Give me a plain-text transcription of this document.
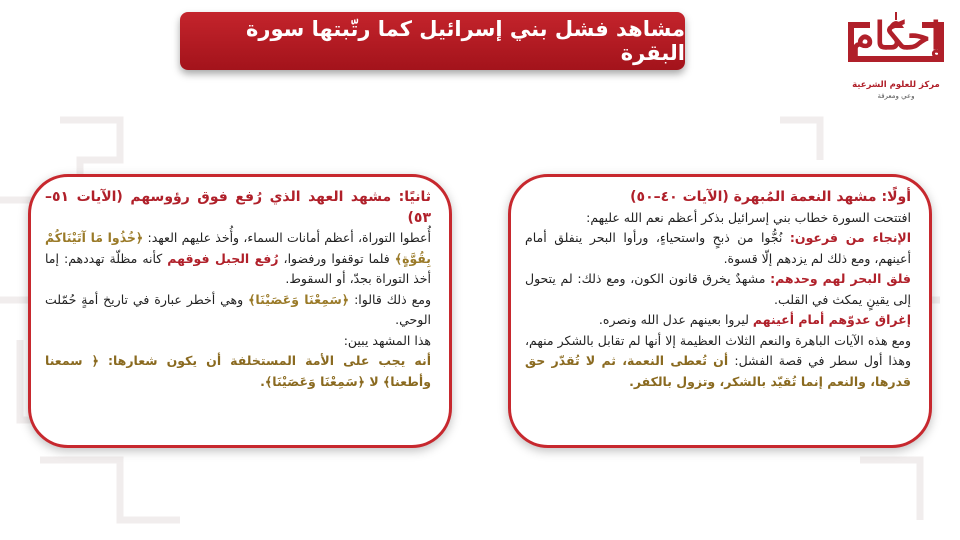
مشاهد فشل بني إسرائيل كما رتّبتها سورة البقرة	إحكام
مركز للعلوم الشرعية
وعي ومعرفة
أولًا: مشهد النعمة المُبهرة (الآيات ٤٠–٥٠)
افتتحت السورة خطاب بني إسرائيل بذكر أعظم نعم الله عليهم:
الإنجاء من فرعون: نُجُّوا من ذبحٍ واستحياءٍ، ورأوا البحر ينفلق أمام أعينهم، ومع ذلك لم يزدهم إلّا قسوة.
فلق البحر لهم وحدهم: مشهدٌ يخرق قانون الكون، ومع ذلك: لم يتحول إلى يقينٍ يمكث في القلب.
إغراق عدوّهم أمام أعينهم ليروا بعينهم عدل الله ونصره.
ومع هذه الآيات الباهرة والنعم الثلاث العظيمة إلا أنها لم تقابل بالشكر منهم، وهذا أول سطر في قصة الفشل: أن تُعطى النعمة، ثم لا تُقدّر حق قدرها، والنعم إنما تُقيّد بالشكر، وتزول بالكفر.
ثانيًا: مشهد العهد الذي رُفع فوق رؤوسهم (الآيات ٥١–٥٣)
أُعطوا التوراة، أعظم أمانات السماء، وأُخذ عليهم العهد: ﴿خُذُوا مَا آتَيْنَاكُمْ بِقُوَّةٍ﴾ فلما توقفوا ورفضوا، رُفع الجبل فوقهم كأنه مظلّة تهددهم: إما أخذ التوراة بجدّ، أو السقوط.
ومع ذلك قالوا: ﴿سَمِعْنَا وَعَصَيْنَا﴾ وهي أخطر عبارة في تاريخ أمةٍ حُمّلت الوحي.
هذا المشهد يبين:
أنه يجب على الأمة المستخلفة أن يكون شعارها: ﴿ سمعنا وأطعنا﴾ لا ﴿سَمِعْنَا وَعَصَيْنَا﴾.
